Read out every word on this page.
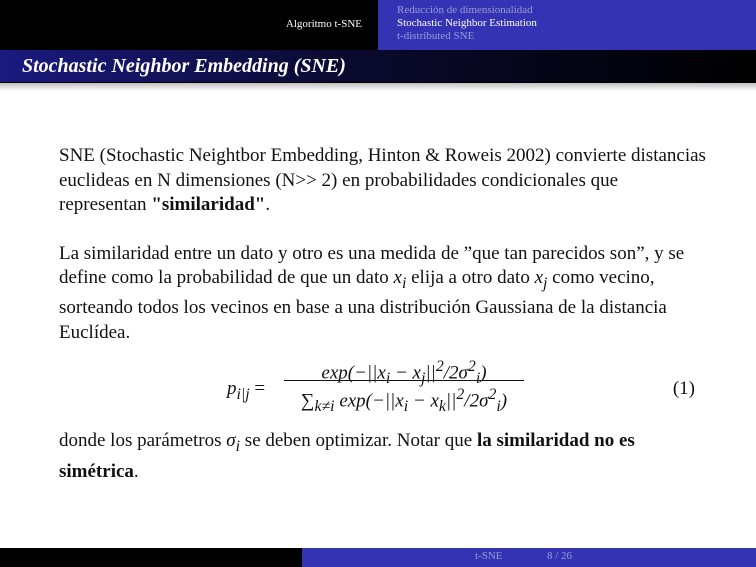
Algoritmo t-SNE
Reducción de dimensionalidad
Stochastic Neighbor Estimation
t-distributed SNE
Stochastic Neighbor Embedding (SNE)

SNE (Stochastic Neightbor Embedding, Hinton & Roweis 2002) convierte distancias euclideas en N dimensiones (N>> 2) en probabilidades condicionales que representan "similaridad".

La similaridad entre un dato y otro es una medida de ”que tan parecidos son”, y se define como la probabilidad de que un dato $x_i$ elija a otro dato $x_j$ como vecino, sorteando todos los vecinos en base a una distribución Gaussiana de la distancia Euclídea.

$p_{i|j}$ =
$\exp(-||x_i - x_j||^2/2\sigma^2_i)$
$\sum_{k\ne i}$ $\exp(-||x_i - x_k||^2/2\sigma^2_i)$
(1)

donde los parámetros $\sigma_i$ se deben optimizar. Notar que la similaridad no es simétrica.

t-SNE	8 / 26
